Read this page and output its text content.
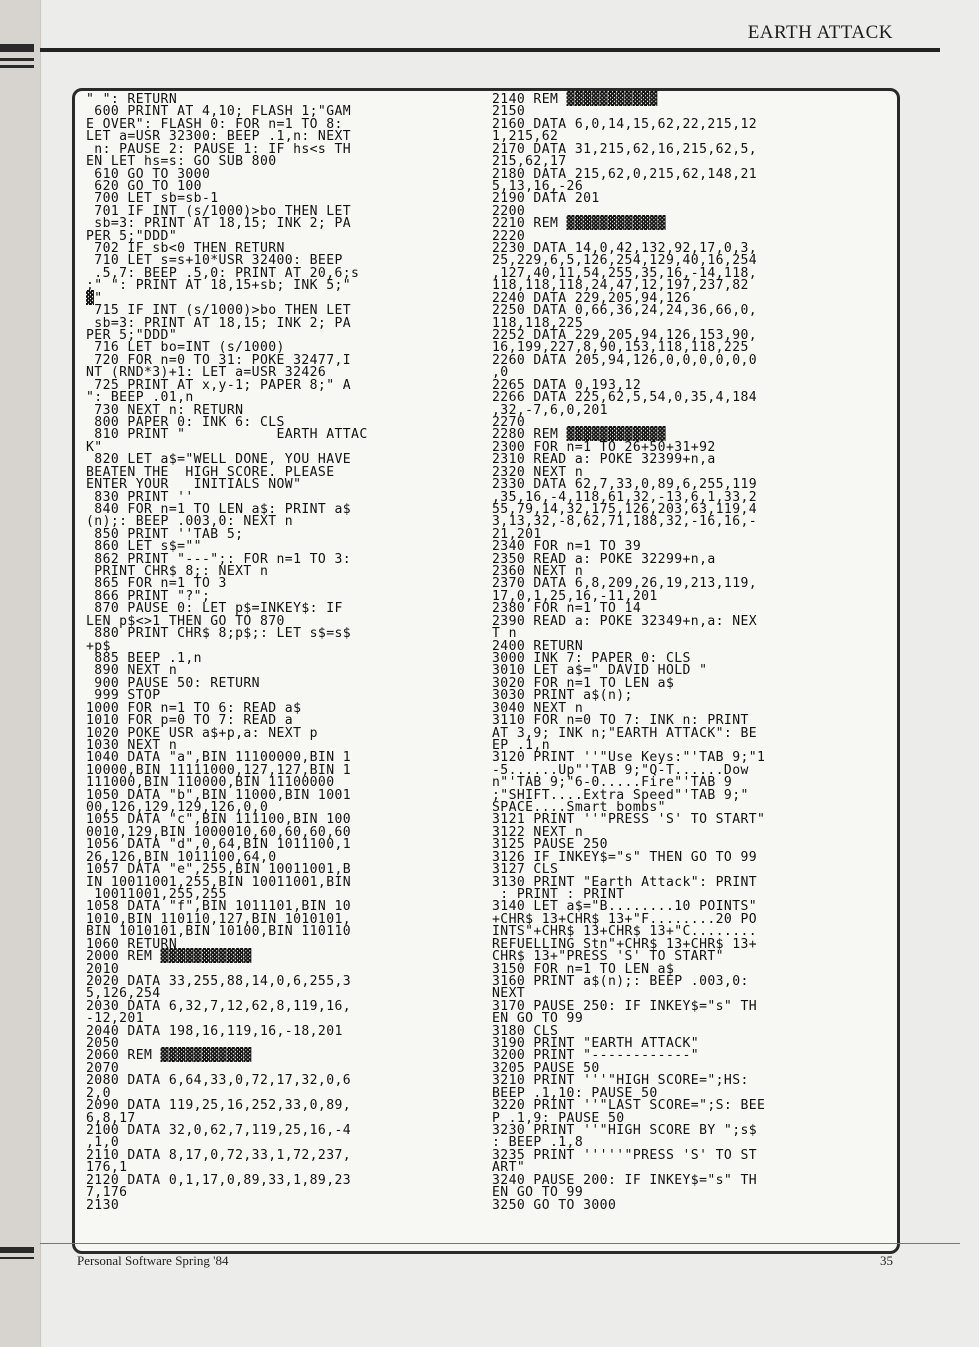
EARTH ATTACK
" ": RETURN
600 PRINT AT 4,10; FLASH 1;"GAM
E OVER": FLASH 0: FOR n=1 TO 8:
LET a=USR 32300: BEEP .1,n: NEXT
n: PAUSE 2: PAUSE 1: IF hs<s TH
EN LET hs=s: GO SUB 800
610 GO TO 3000
620 GO TO 100
700 LET sb=sb-1
701 IF INT (s/1000)>bo THEN LET
sb=3: PRINT AT 18,15; INK 2; PA
PER 5;"DDD"
702 IF sb<0 THEN RETURN
710 LET s=s+10*USR 32400: BEEP
.5,7: BEEP .5,0: PRINT AT 20,6;s
;" ": PRINT AT 18,15+sb; INK 5;"
▓"
715 IF INT (s/1000)>bo THEN LET
sb=3: PRINT AT 18,15; INK 2; PA
PER 5;"DDD"
716 LET bo=INT (s/1000)
720 FOR n=0 TO 31: POKE 32477,I
NT (RND*3)+1: LET a=USR 32426
725 PRINT AT x,y-1; PAPER 8;" A
": BEEP .01,n
730 NEXT n: RETURN
800 PAPER 0: INK 6: CLS
810 PRINT "           EARTH ATTAC
K"
820 LET a$="WELL DONE, YOU HAVE
BEATEN THE  HIGH SCORE. PLEASE
ENTER YOUR   INITIALS NOW"
830 PRINT ''
840 FOR n=1 TO LEN a$: PRINT a$
(n);: BEEP .003,0: NEXT n
850 PRINT ''TAB 5;
860 LET s$=""
862 PRINT "---";: FOR n=1 TO 3:
PRINT CHR$ 8;: NEXT n
865 FOR n=1 TO 3
866 PRINT "?";
870 PAUSE 0: LET p$=INKEY$: IF
LEN p$<>1 THEN GO TO 870
880 PRINT CHR$ 8;p$;: LET s$=s$
+p$
885 BEEP .1,n
890 NEXT n
900 PAUSE 50: RETURN
999 STOP
1000 FOR n=1 TO 6: READ a$
1010 FOR p=0 TO 7: READ a
1020 POKE USR a$+p,a: NEXT p
1030 NEXT n
1040 DATA "a",BIN 11100000,BIN 1
10000,BIN 11111000,127,127,BIN 1
111000,BIN 110000,BIN 11100000
1050 DATA "b",BIN 11000,BIN 1001
00,126,129,129,126,0,0
1055 DATA "c",BIN 111100,BIN 100
0010,129,BIN 1000010,60,60,60,60
1056 DATA "d",0,64,BIN 1011100,1
26,126,BIN 1011100,64,0
1057 DATA "e",255,BIN 10011001,B
IN 10011001,255,BIN 10011001,BIN
10011001,255,255
1058 DATA "f",BIN 1011101,BIN 10
1010,BIN 110110,127,BIN 1010101,
BIN 1010101,BIN 10100,BIN 110110
1060 RETURN
2000 REM ▓▓▓▓▓▓▓▓▓▓▓
2010
2020 DATA 33,255,88,14,0,6,255,3
5,126,254
2030 DATA 6,32,7,12,62,8,119,16,
-12,201
2040 DATA 198,16,119,16,-18,201
2050
2060 REM ▓▓▓▓▓▓▓▓▓▓▓
2070
2080 DATA 6,64,33,0,72,17,32,0,6
2,0
2090 DATA 119,25,16,252,33,0,89,
6,8,17
2100 DATA 32,0,62,7,119,25,16,-4
,1,0
2110 DATA 8,17,0,72,33,1,72,237,
176,1
2120 DATA 0,1,17,0,89,33,1,89,23
7,176
2130
2140 REM ▓▓▓▓▓▓▓▓▓▓▓
2150
2160 DATA 6,0,14,15,62,22,215,12
1,215,62
2170 DATA 31,215,62,16,215,62,5,
215,62,17
2180 DATA 215,62,0,215,62,148,21
5,13,16,-26
2190 DATA 201
2200
2210 REM ▓▓▓▓▓▓▓▓▓▓▓▓
2220
2230 DATA 14,0,42,132,92,17,0,3,
25,229,6,5,126,254,129,40,16,254
,127,40,11,54,255,35,16,-14,118,
118,118,118,24,47,12,197,237,82
2240 DATA 229,205,94,126
2250 DATA 0,66,36,24,24,36,66,0,
118,118,225
2252 DATA 229,205,94,126,153,90,
16,199,227,8,90,153,118,118,225
2260 DATA 205,94,126,0,0,0,0,0,0
,0
2265 DATA 0,193,12
2266 DATA 225,62,5,54,0,35,4,184
,32,-7,6,0,201
2270
2280 REM ▓▓▓▓▓▓▓▓▓▓▓▓
2300 FOR n=1 TO 26+50+31+92
2310 READ a: POKE 32399+n,a
2320 NEXT n
2330 DATA 62,7,33,0,89,6,255,119
,35,16,-4,118,61,32,-13,6,1,33,2
55,79,14,32,175,126,203,63,119,4
3,13,32,-8,62,71,188,32,-16,16,-
21,201
2340 FOR n=1 TO 39
2350 READ a: POKE 32299+n,a
2360 NEXT n
2370 DATA 6,8,209,26,19,213,119,
17,0,1,25,16,-11,201
2380 FOR n=1 TO 14
2390 READ a: POKE 32349+n,a: NEX
T n
2400 RETURN
3000 INK 7: PAPER 0: CLS
3010 LET a$=" DAVID HOLD "
3020 FOR n=1 TO LEN a$
3030 PRINT a$(n);
3040 NEXT n
3110 FOR n=0 TO 7: INK n: PRINT
AT 3,9; INK n;"EARTH ATTACK": BE
EP .1,n
3120 PRINT ''"Use Keys:"'TAB 9;"1
-5......Up"'TAB 9;"Q-T......Dow
n"'TAB 9;"6-0.....Fire"'TAB 9
;"SHIFT....Extra Speed"'TAB 9;"
SPACE....Smart bombs"
3121 PRINT ''"PRESS 'S' TO START"
3122 NEXT n
3125 PAUSE 250
3126 IF INKEY$="s" THEN GO TO 99
3127 CLS
3130 PRINT "Earth Attack": PRINT
: PRINT : PRINT
3140 LET a$="B........10 POINTS"
+CHR$ 13+CHR$ 13+"F........20 PO
INTS"+CHR$ 13+CHR$ 13+"C........
REFUELLING Stn"+CHR$ 13+CHR$ 13+
CHR$ 13+"PRESS 'S' TO START"
3150 FOR n=1 TO LEN a$
3160 PRINT a$(n);: BEEP .003,0:
NEXT
3170 PAUSE 250: IF INKEY$="s" TH
EN GO TO 99
3180 CLS
3190 PRINT "EARTH ATTACK"
3200 PRINT "------------"
3205 PAUSE 50
3210 PRINT '''"HIGH SCORE=";HS:
BEEP .1,10: PAUSE 50
3220 PRINT ''"LAST SCORE=";S: BEE
P .1,9: PAUSE 50
3230 PRINT ''"HIGH SCORE BY ";s$
: BEEP .1,8
3235 PRINT '''''"PRESS 'S' TO ST
ART"
3240 PAUSE 200: IF INKEY$="s" TH
EN GO TO 99
3250 GO TO 3000
Personal Software Spring '84	35
